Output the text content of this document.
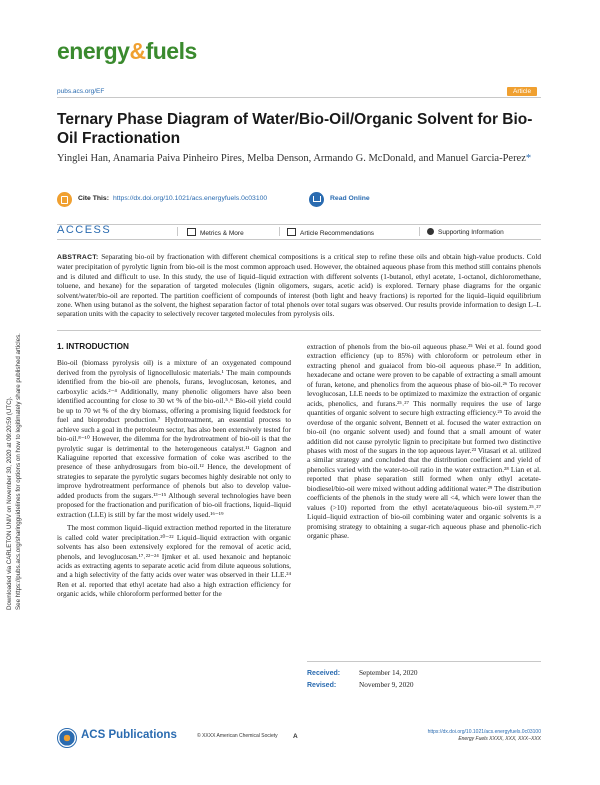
Downloaded via CARLETON UNIV on November 30, 2020 at 09:20:59 (UTC). See https://pubs.acs.org/sharingguidelines for options on how to legitimately share published articles.
energy&fuels
pubs.acs.org/EF	Article
Ternary Phase Diagram of Water/Bio-Oil/Organic Solvent for Bio-Oil Fractionation
Yinglei Han, Anamaria Paiva Pinheiro Pires, Melba Denson, Armando G. McDonald, and Manuel Garcia-Perez*
Cite This: https://dx.doi.org/10.1021/acs.energyfuels.0c03100	Read Online
ACCESS	Metrics & More	Article Recommendations	Supporting Information
ABSTRACT: Separating bio-oil by fractionation with different chemical compositions is a critical step to refine these oils and obtain high-value products. Cold water precipitation of pyrolytic lignin from bio-oil is the most common approach used. However, the obtained aqueous phase from this method still contains phenols and is diluted and difficult to use. In this study, the use of liquid–liquid extraction with different solvents (1-butanol, ethyl acetate, 1-octanol, dichloromethane, toluene, and hexane) for the separation of targeted molecules (lignin oligomers, sugars, acetic acid) is explored. Ternary phase diagrams for the organic solvent/water/bio-oil are reported. The partition coefficient of compounds of interest (both light and heavy fractions) is reported for the liquid–liquid equilibrium zone. When using butanol as the solvent, the highest separation factor of total phenols over total sugars was observed. Our results provide information to design L–L separation units with the capacity to selectively recover targeted molecules from pyrolysis oils.
1. INTRODUCTION

Bio-oil (biomass pyrolysis oil) is a mixture of an oxygenated compound derived from the pyrolysis of lignocellulosic materials.¹ The main compounds identified from the bio-oil are phenols, furans, levoglucosan, ketones, and carboxylic acids.²⁻⁴ Additionally, many phenolic oligomers have also been identified accounting for close to 30 wt % of the bio-oil.⁵˒⁶ Bio-oil yield could be up to 70 wt % of the dry biomass, offering a promising liquid feedstock for fuel and bioproduct production.⁷ Hydrotreatment, an essential process to achieve such a goal in the petroleum sector, has also been extensively tested for bio-oil.⁸⁻¹⁰ However, the dilemma for the hydrotreatment of bio-oil is that the pyrolytic sugar is detrimental to the heterogeneous catalyst.¹¹ Gagnon and Kaliaguine reported that excessive formation of coke was ascribed to the presence of these anhydrosugars from bio-oil.¹² Hence, the development of strategies to separate the pyrolytic sugars becomes highly desirable not only to improve hydrotreatment performance of phenols but also to develop value-added products from the sugars.¹³⁻¹⁵ Although several technologies have been proposed for the fractionation and purification of bio-oil fractions, liquid–liquid extraction (LLE) is still by far the most widely used.¹⁶⁻¹⁹

The most common liquid–liquid extraction method reported in the literature is called cold water precipitation.²⁰⁻²² Liquid–liquid extraction with organic solvents has also been extensively explored for the removal of acetic acid, phenols, and levoglucosan.¹⁷˒²²⁻²⁴ Ijmker et al. used hexanoic and heptanoic acids as extracting agents to separate acetic acid from dilute aqueous solutions, and a high selectivity of the fatty acids over water was observed in their LLE.²⁴ Ren et al. reported that ethyl acetate had also a high extraction efficiency for organic acids, while chloroform performed better for the

extraction of phenols from the bio-oil aqueous phase.²⁵ Wei et al. found good extraction efficiency (up to 85%) with chloroform or petroleum ether in extracting phenol and guaiacol from bio-oil aqueous phase.²² In addition, hexadecane and octane were proven to be capable of extracting a small amount of furan, ketone, and phenolics from the aqueous phase of bio-oil.²⁶ To recover levoglucosan, LLE needs to be optimized to maximize the extraction of organic acids, phenolics, and furans.²⁵˒²⁷ This normally requires the use of large quantities of organic solvent to secure high extracting efficiency.²⁵ To avoid the overdose of the organic solvent, Bennett et al. focused the water extraction on bio-oil (no organic solvent used) and found that a small amount of water addition did not cause pyrolytic lignin to precipitate but formed two distinctive phases with most of the sugars in the top aqueous layer.²³ Vitasari et al. utilized a similar strategy and concluded that the distribution coefficient and yield of phenolics varied with the water-to-oil ratio in the water extraction.²⁸ Lian et al. reported that phase separation still formed when only ethyl acetate-biodiesel/bio-oil were mixed without adding additional water.²⁹ The distribution coefficients of the phenols in the study were all <4, which were lower than the values (>10) reported from the ethyl acetate/aqueous bio-oil system.²⁵˒²⁷ Liquid–liquid extraction of bio-oil combining water and organic solvents is a promising strategy to obtaining a sugar-rich aqueous phase and phenolic-rich organic phase.

Received:	September 14, 2020
Revised:	November 9, 2020
ACS Publications	© XXXX American Chemical Society A
https://dx.doi.org/10.1021/acs.energyfuels.0c03100
Energy Fuels XXXX, XXX, XXX−XXX
